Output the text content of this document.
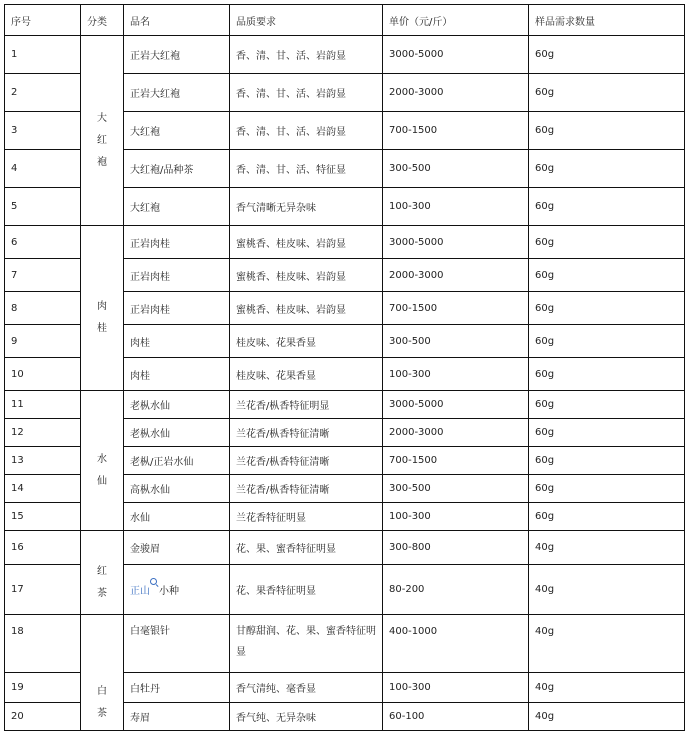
序号	分类	品名	品质要求	单价（元/斤）	样品需求数量
1	大红袍	正岩大红袍	香、清、甘、活、岩韵显	3000-5000	60g
2		正岩大红袍	香、清、甘、活、岩韵显	2000-3000	60g
3		大红袍	香、清、甘、活、岩韵显	700-1500	60g
4		大红袍/品种茶	香、清、甘、活、特征显	300-500	60g
5		大红袍	香气清晰无异杂味	100-300	60g
6	肉桂	正岩肉桂	蜜桃香、桂皮味、岩韵显	3000-5000	60g
7		正岩肉桂	蜜桃香、桂皮味、岩韵显	2000-3000	60g
8		正岩肉桂	蜜桃香、桂皮味、岩韵显	700-1500	60g
9		肉桂	桂皮味、花果香显	300-500	60g
10		肉桂	桂皮味、花果香显	100-300	60g
11	水仙	老枞水仙	兰花香/枞香特征明显	3000-5000	60g
12		老枞水仙	兰花香/枞香特征清晰	2000-3000	60g
13		老枞/正岩水仙	兰花香/枞香特征清晰	700-1500	60g
14		高枞水仙	兰花香/枞香特征清晰	300-500	60g
15		水仙	兰花香特征明显	100-300	60g
16	红茶	金骏眉	花、果、蜜香特征明显	300-800	40g
17		正山 小种	花、果香特征明显	80-200	40g
18	白茶	白毫银针	甘醇甜润、花、果、蜜香特征明显	400-1000	40g
19		白牡丹	香气清纯、毫香显	100-300	40g
20		寿眉	香气纯、无异杂味	60-100	40g
